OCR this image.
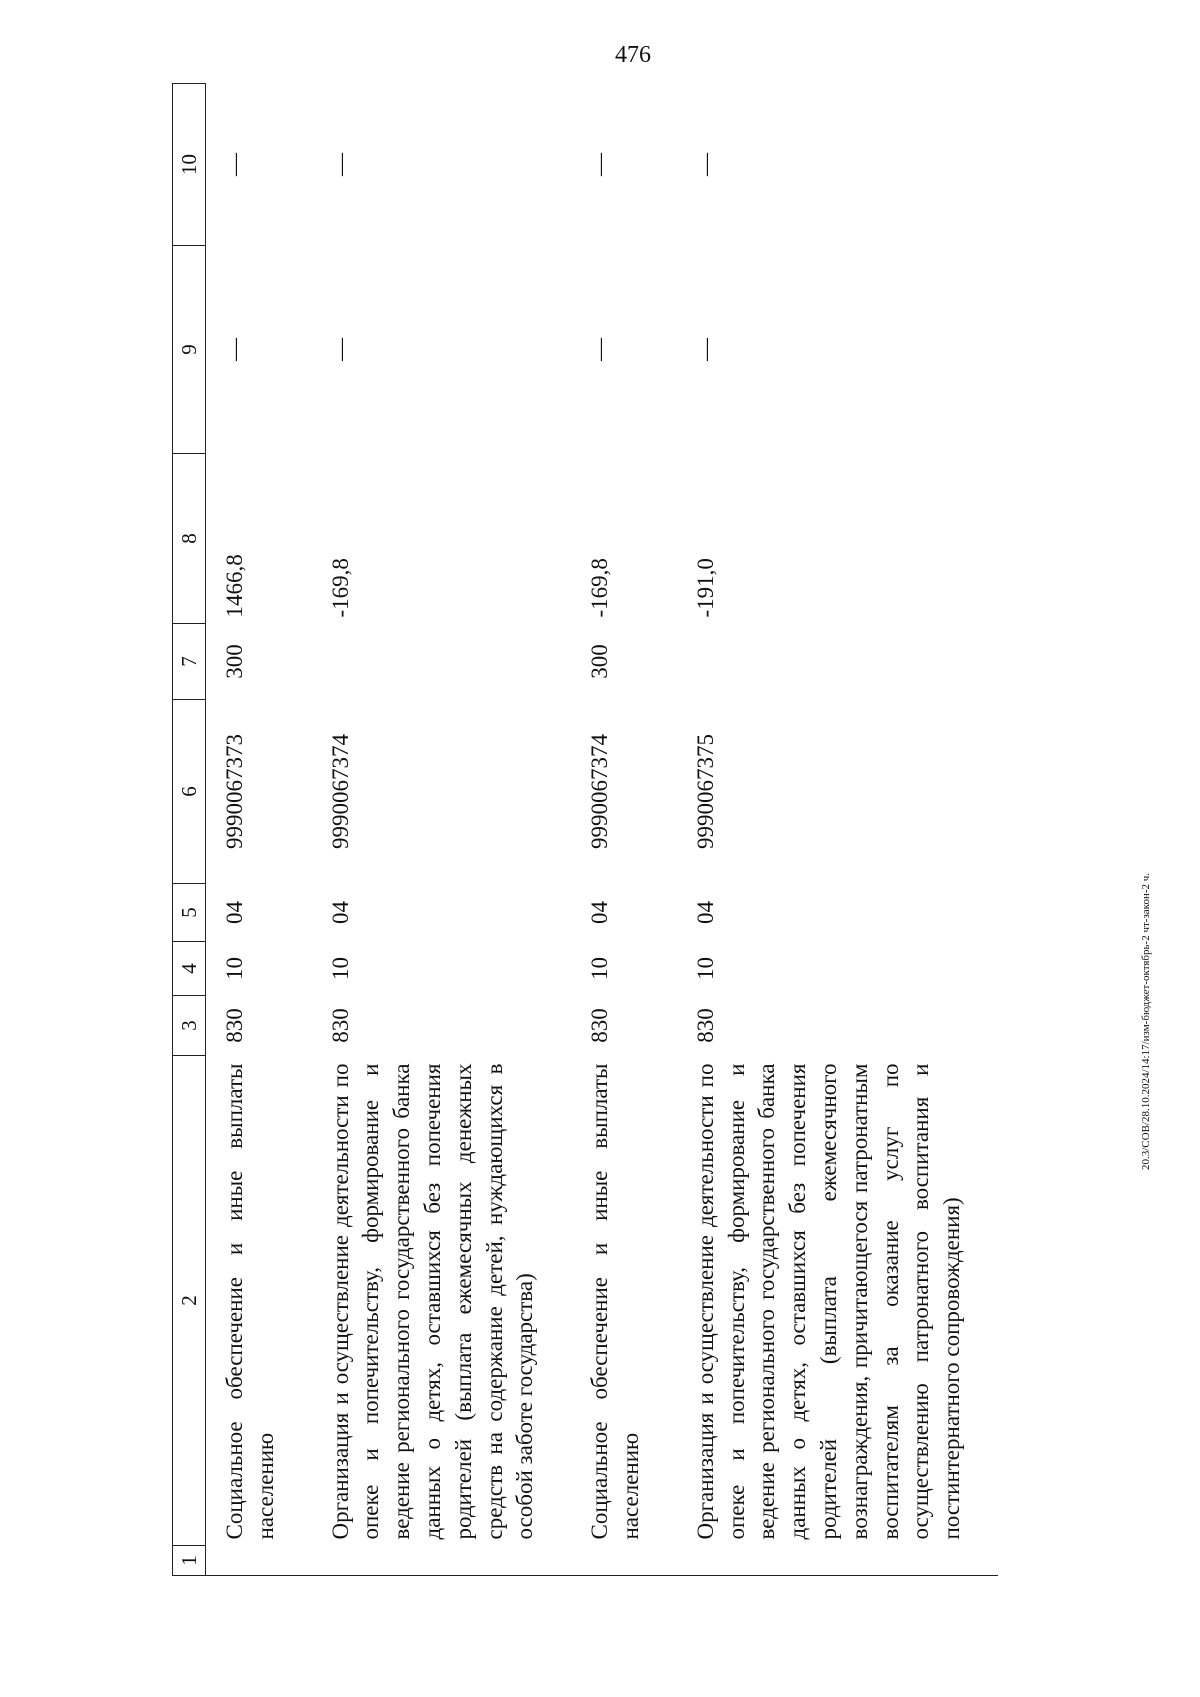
476
1	2	3	4	5	6	7	8	9	10
	Социальное обеспечение и иные выплаты населению	830	10	04	9990067373	300	1466,8	—	—
	Организация и осуществление деятельности по опеке и попечительству, формирование и ведение регионального государственного банка данных о детях, оставшихся без попечения родителей (выплата ежемесячных денежных средств на содержание детей, нуждающихся в особой заботе государства)	830	10	04	9990067374		-169,8	—	—
	Социальное обеспечение и иные выплаты населению	830	10	04	9990067374	300	-169,8	—	—
	Организация и осуществление деятельности по опеке и попечительству, формирование и ведение регионального государственного банка данных о детях, оставшихся без попечения родителей (выплата ежемесячного вознаграждения, причитающегося патронатным воспитателям за оказание услуг по осуществлению патронатного воспитания и постинтернатного сопровождения)	830	10	04	9990067375		-191,0	—	—
20.3/СОВ/28.10.2024/14:17/изм-бюджет-октябрь-2 чт-закон-2 ч.
